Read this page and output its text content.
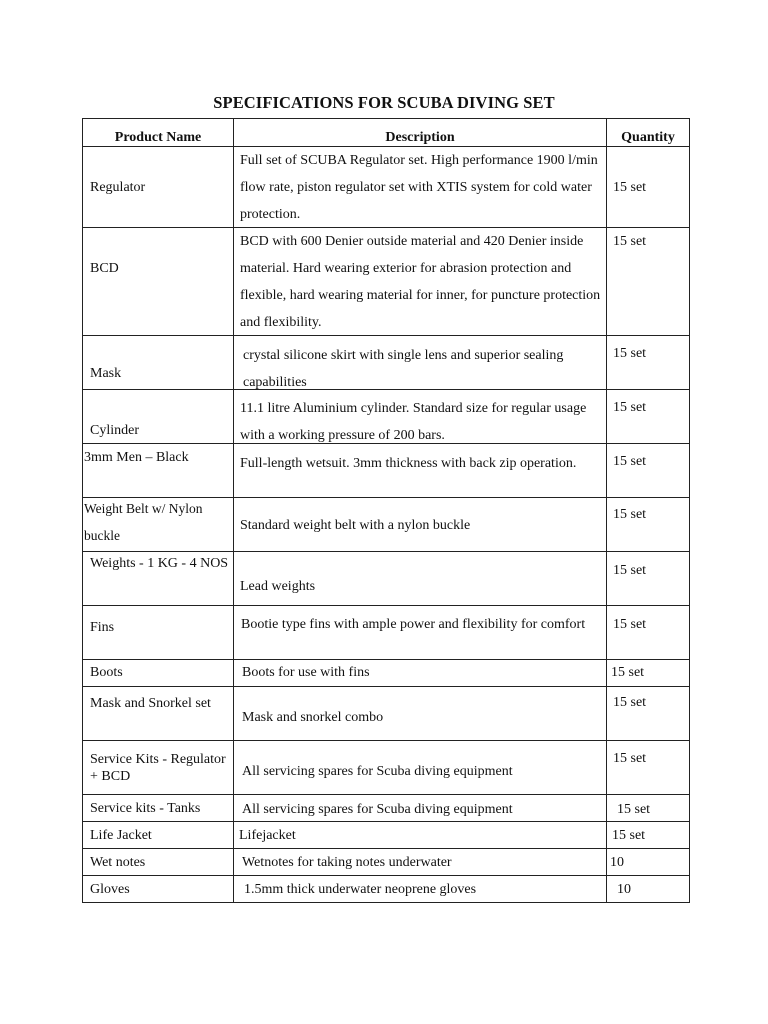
SPECIFICATIONS FOR SCUBA DIVING SET
Product Name	Description	Quantity

Regulator	Full set of SCUBA Regulator set. High performance 1900 l/min flow rate, piston regulator set with XTIS system for cold water protection.	15 set

BCD	BCD with 600 Denier outside material and 420 Denier inside material. Hard wearing exterior for abrasion protection and flexible, hard wearing material for inner, for puncture protection and flexibility.	15 set

Mask	crystal silicone skirt with single lens and superior sealing capabilities	15 set

Cylinder	11.1 litre Aluminium cylinder. Standard size for regular usage with a working pressure of 200 bars.	15 set

3mm Men – Black	Full-length wetsuit. 3mm thickness with back zip operation.	15 set

Weight Belt w/ Nylon buckle	Standard weight belt with a nylon buckle	15 set

Weights - 1 KG - 4 NOS	Lead weights	15 set

Fins	Bootie type fins with ample power and flexibility for comfort	15 set

Boots	Boots for use with fins	15 set

Mask and Snorkel set	Mask and snorkel combo	15 set

Service Kits - Regulator + BCD	All servicing spares for Scuba diving equipment	15 set

Service kits - Tanks	All servicing spares for Scuba diving equipment	15 set

Life Jacket	Lifejacket	15 set

Wet notes	Wetnotes for taking notes underwater	10

Gloves	1.5mm thick underwater neoprene gloves	10
